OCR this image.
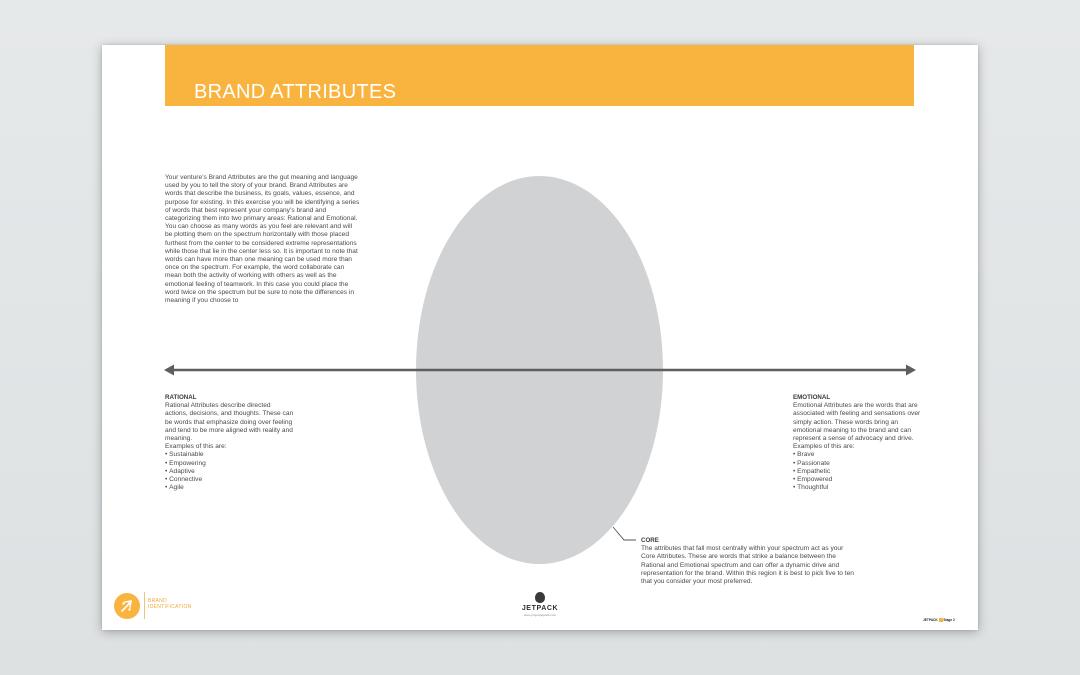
BRAND ATTRIBUTES
Your venture’s Brand Attributes are the gut meaning and language used by you to tell the story of your brand. Brand Attributes are words that describe the business, its goals, values, essence, and purpose for existing. In this exercise you will be identifying a series of words that best represent your company’s brand and categorizing them into two primary areas: Rational and Emotional. You can choose as many words as you feel are relevant and will be plotting them on the spectrum horizontally with those placed furthest from the center to be considered extreme representations while those that lie in the center less so. It is important to note that words can have more than one meaning can be used more than once on the spectrum. For example, the word collaborate can mean both the activity of working with others as well as the emotional feeling of teamwork. In this case you could place the word twice on the spectrum but be sure to note the differences in meaning if you choose to
RATIONAL
Rational Attributes describe directed actions, decisions, and thoughts. These can be words that emphasize doing over feeling and tend to be more aligned with reality and meaning.
Examples of this are:
• Sustainable
• Empowering
• Adaptive
• Connective
• Agile
EMOTIONAL
Emotional Attributes are the words that are associated with feeling and sensations over simply action. These words bring an emotional meaning to the brand and can represent a sense of advocacy and drive.
Examples of this are:
• Brave
• Passionate
• Empathetic
• Empowered
• Thoughtful
CORE
The attributes that fall most centrally within your spectrum act as your Core Attributes. These are words that strike a balance between the Rational and Emotional spectrum and can offer a dynamic drive and representation for the brand. Within this region it is best to pick five to ten that you consider your most preferred.
BRAND
IDENTIFICATION	JETPACK
www.projectjetpack.com
JETPACK Stage 2
